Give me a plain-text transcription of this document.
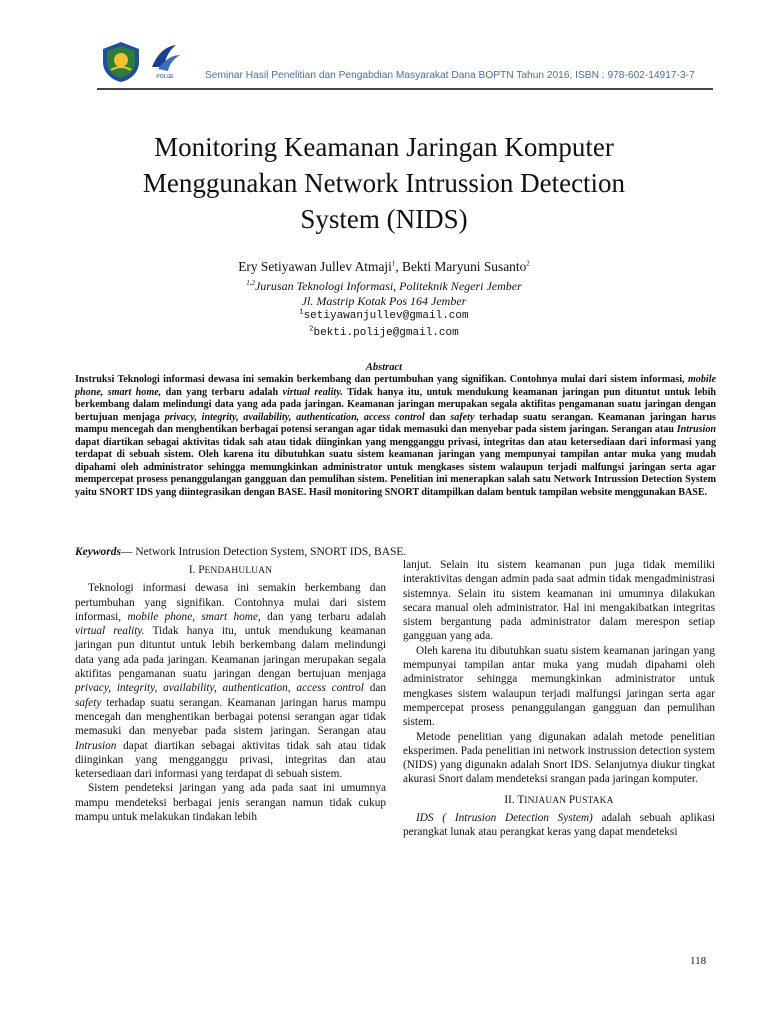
POLIJE	Seminar Hasil Penelitian dan Pengabdian Masyarakat Dana BOPTN Tahun 2016, ISBN : 978-602-14917-3-7
Monitoring Keamanan Jaringan Komputer
Menggunakan Network Intrussion Detection
System (NIDS)
Ery Setiyawan Jullev Atmaji$^1$, Bekti Maryuni Susanto$^2$
$^{1,2}$Jurusan Teknologi Informasi, Politeknik Negeri Jember
Jl. Mastrip Kotak Pos 164 Jember
$^1$setiyawanjullev@gmail.com
$^2$bekti.polije@gmail.com
Abstract

Instruksi Teknologi informasi dewasa ini semakin berkembang dan pertumbuhan yang signifikan. Contohnya mulai dari sistem informasi, mobile phone, smart home, dan yang terbaru adalah virtual reality. Tidak hanya itu, untuk mendukung keamanan jaringan pun dituntut untuk lebih berkembang dalam melindungi data yang ada pada jaringan. Keamanan jaringan merupakan segala aktifitas pengamanan suatu jaringan dengan bertujuan menjaga privacy, integrity, availability, authentication, access control dan safety terhadap suatu serangan. Keamanan jaringan harus mampu mencegah dan menghentikan berbagai potensi serangan agar tidak memasuki dan menyebar pada sistem jaringan. Serangan atau Intrusion dapat diartikan sebagai aktivitas tidak sah atau tidak diinginkan yang mengganggu privasi, integritas dan atau ketersediaan dari informasi yang terdapat di sebuah sistem. Oleh karena itu dibutuhkan suatu sistem keamanan jaringan yang mempunyai tampilan antar muka yang mudah dipahami oleh administrator sehingga memungkinkan administrator untuk mengkases sistem walaupun terjadi malfungsi jaringan serta agar mempercepat prosess penanggulangan gangguan dan pemulihan sistem. Penelitian ini menerapkan salah satu Network Intrussion Detection System yaitu SNORT IDS yang diintegrasikan dengan BASE. Hasil monitoring SNORT ditampilkan dalam bentuk tampilan website menggunakan BASE.

Keywords— Network Intrusion Detection System, SNORT IDS, BASE.
I. PENDAHULUAN

Teknologi informasi dewasa ini semakin berkembang dan pertumbuhan yang signifikan. Contohnya mulai dari sistem informasi, mobile phone, smart home, dan yang terbaru adalah virtual reality. Tidak hanya itu, untuk mendukung keamanan jaringan pun dituntut untuk lebih berkembang dalam melindungi data yang ada pada jaringan. Keamanan jaringan merupakan segala aktifitas pengamanan suatu jaringan dengan bertujuan menjaga privacy, integrity, availability, authentication, access control dan safety terhadap suatu serangan. Keamanan jaringan harus mampu mencegah dan menghentikan berbagai potensi serangan agar tidak memasuki dan menyebar pada sistem jaringan. Serangan atau Intrusion dapat diartikan sebagai aktivitas tidak sah atau tidak diinginkan yang mengganggu privasi, integritas dan atau ketersediaan dari informasi yang terdapat di sebuah sistem.

Sistem pendeteksi jaringan yang ada pada saat ini umumnya mampu mendeteksi berbagai jenis serangan namun tidak cukup mampu untuk melakukan tindakan lebih

lanjut. Selain itu sistem keamanan pun juga tidak memiliki interaktivitas dengan admin pada saat admin tidak mengadministrasi sistemnya. Selain itu sistem keamanan ini umumnya dilakukan secara manual oleh administrator. Hal ini mengakibatkan integritas sistem bergantung pada administrator dalam merespon setiap gangguan yang ada.

Oleh karena itu dibutuhkan suatu sistem keamanan jaringan yang mempunyai tampilan antar muka yang mudah dipahami oleh administrator sehingga memungkinkan administrator untuk mengkases sistem walaupun terjadi malfungsi jaringan serta agar mempercepat prosess penanggulangan gangguan dan pemulihan sistem.

Metode penelitian yang digunakan adalah metode penelitian eksperimen. Pada penelitian ini network instrussion detection system (NIDS) yang digunakn adalah Snort IDS. Selanjutnya diukur tingkat akurasi Snort dalam mendeteksi srangan pada jaringan komputer.

II. TINJAUAN PUSTAKA

IDS ( Intrusion Detection System) adalah sebuah aplikasi perangkat lunak atau perangkat keras yang dapat mendeteksi

118
